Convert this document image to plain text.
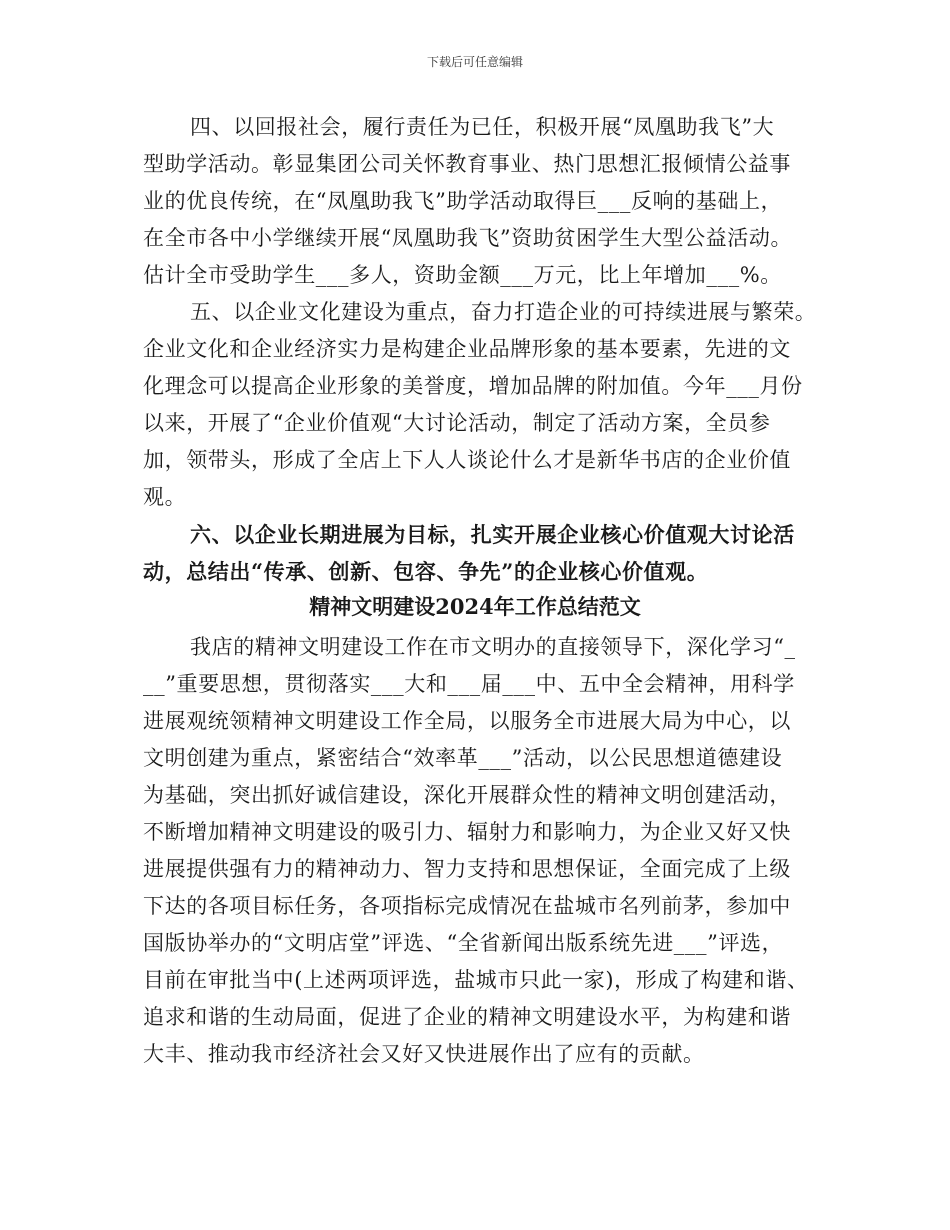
下载后可任意编辑
四、以回报社会，履行责任为已任，积极开展“凤凰助我飞”大
型助学活动。彰显集团公司关怀教育事业、热门思想汇报倾情公益事
业的优良传统，在“凤凰助我飞”助学活动取得巨___反响的基础上，
在全市各中小学继续开展“凤凰助我飞”资助贫困学生大型公益活动。
估计全市受助学生___多人，资助金额___万元，比上年增加___%。
五、以企业文化建设为重点，奋力打造企业的可持续进展与繁荣。
企业文化和企业经济实力是构建企业品牌形象的基本要素，先进的文
化理念可以提高企业形象的美誉度，增加品牌的附加值。今年___月份
以来，开展了“企业价值观“大讨论活动，制定了活动方案，全员参
加，领带头，形成了全店上下人人谈论什么才是新华书店的企业价值
观。
六、以企业长期进展为目标，扎实开展企业核心价值观大讨论活
动，总结出“传承、创新、包容、争先”的企业核心价值观。
精神文明建设2024年工作总结范文
我店的精神文明建设工作在市文明办的直接领导下，深化学习“_
__”重要思想，贯彻落实___大和___届___中、五中全会精神，用科学
进展观统领精神文明建设工作全局，以服务全市进展大局为中心，以
文明创建为重点，紧密结合“效率革___”活动，以公民思想道德建设
为基础，突出抓好诚信建设，深化开展群众性的精神文明创建活动，
不断增加精神文明建设的吸引力、辐射力和影响力，为企业又好又快
进展提供强有力的精神动力、智力支持和思想保证，全面完成了上级
下达的各项目标任务，各项指标完成情况在盐城市名列前茅，参加中
国版协举办的“文明店堂”评选、“全省新闻出版系统先进___”评选，
目前在审批当中(上述两项评选，盐城市只此一家)，形成了构建和谐、
追求和谐的生动局面，促进了企业的精神文明建设水平，为构建和谐
大丰、推动我市经济社会又好又快进展作出了应有的贡献。
